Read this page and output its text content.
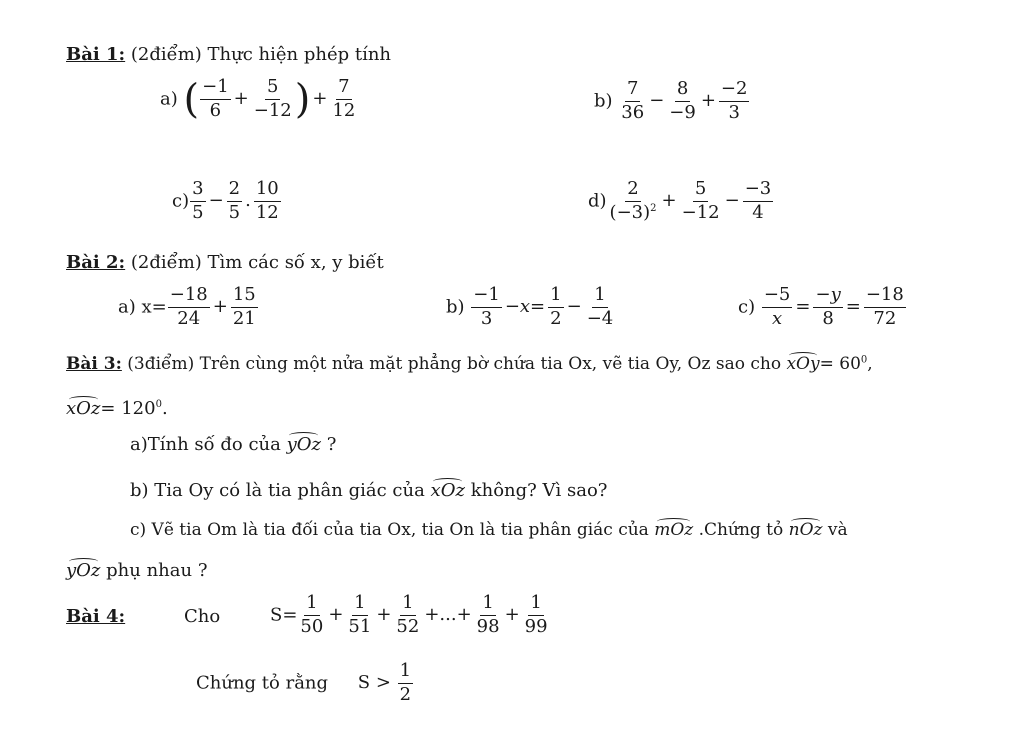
Bài 1: (2điểm) Thực hiện phép tính
a) ( $\frac{-1}{6} + \frac{5}{-12}$ ) + $\frac{7}{12}$	$b) \frac{7}{36} - \frac{8}{-9} + \frac{-2}{3}$
$c) \frac{3}{5} - \frac{2}{5}$ . $\frac{10}{12}$	$d) \frac{2}{(-3)^2} + \frac{5}{-12} - \frac{-3}{4}$
Bài 2: (2điểm) Tìm các số x, y biết
a) $x= \frac{-18}{24} + \frac{15}{21}$	$b) \frac{-1}{3} -x= \frac{1}{2} - \frac{1}{-4}$	$c) \frac{-5}{x} = \frac{-y}{8} = \frac{-18}{72}$
Bài 3: (3điểm) Trên cùng một nửa mặt phẳng bờ chứa tia Ox, vẽ tia Oy, Oz sao cho $xOy= 60^0$,
$xOz= 120^0$.
a)Tính số đo của yOz ?
b) Tia Oy có là tia phân giác của xOz không? Vì sao?
c) Vẽ tia Om là tia đối của tia Ox, tia On là tia phân giác của mOz .Chứng tỏ nOz và
yOz phụ nhau ?
Bài 4:	Cho	$S= \frac{1}{50} + \frac{1}{51} + \frac{1}{52}$ +...+ $\frac{1}{98} + \frac{1}{99}$
Chứng tỏ rằng $S > \frac{1}{2}$
